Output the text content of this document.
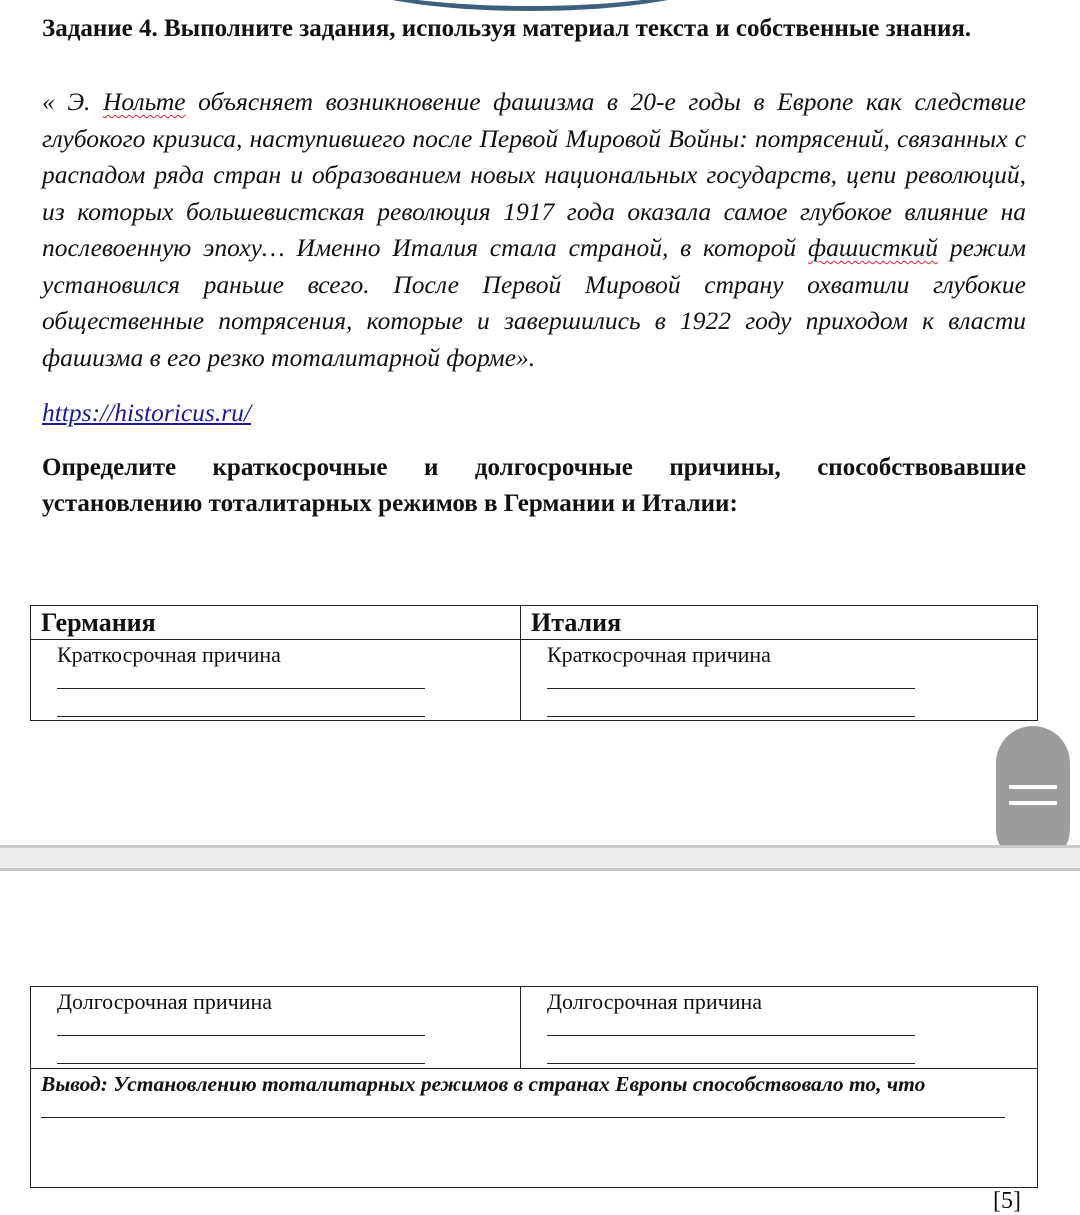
Задание 4. Выполните задания, используя материал текста и собственные знания.

« Э. Нольте объясняет возникновение фашизма в 20-е годы в Европе как следствие глубокого кризиса, наступившего после Первой Мировой Войны: потрясений, связанных с распадом ряда стран и образованием новых национальных государств, цепи революций, из которых большевистская революция 1917 года оказала самое глубокое влияние на послевоенную эпоху… Именно Италия стала страной, в которой фашисткий режим установился раньше всего. После Первой Мировой страну охватили глубокие общественные потрясения, которые и завершились в 1922 году приходом к власти фашизма в его резко тоталитарной форме».

https://historicus.ru/

Определите краткосрочные и долгосрочные причины, способствовавшие установлению тоталитарных режимов в Германии и Италии:

Германия	Италия

Краткосрочная причина	Краткосрочная причина
Долгосрочная причина	Долгосрочная причина

Вывод: Установлению тоталитарных режимов в странах Европы способствовало то, что
[5]
